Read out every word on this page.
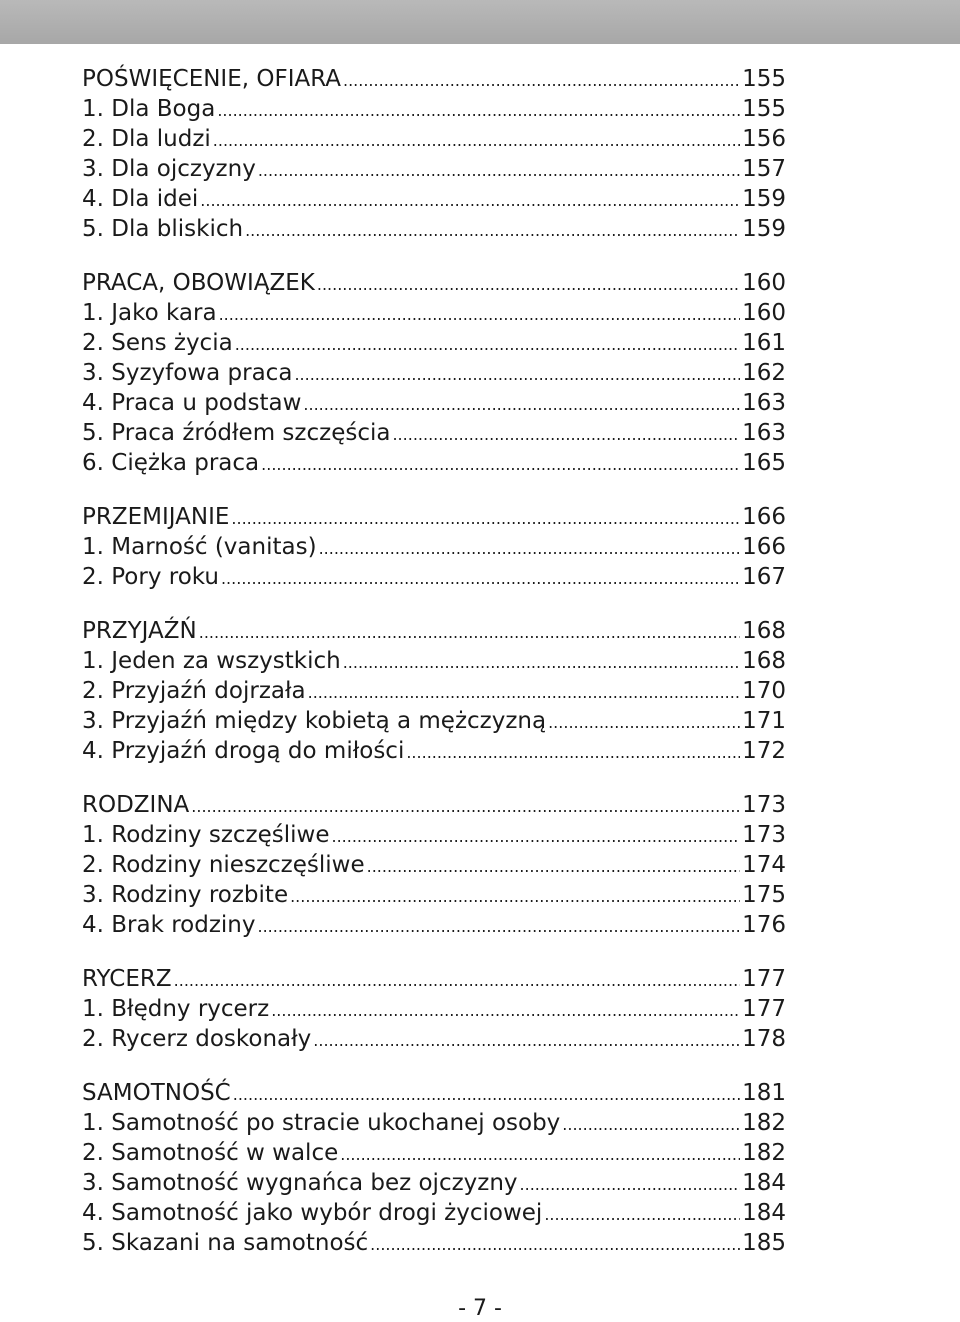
POŚWIĘCENIE, OFIARA .....	155
1. Dla Boga .....	155
2. Dla ludzi .....	156
3. Dla ojczyzny .....	157
4. Dla idei .....	159
5. Dla bliskich .....	159
PRACA, OBOWIĄZEK .....	160
1. Jako kara .....	160
2. Sens życia .....	161
3. Syzyfowa praca .....	162
4. Praca u podstaw .....	163
5. Praca źródłem szczęścia .....	163
6. Ciężka praca .....	165
PRZEMIJANIE .....	166
1. Marność (vanitas) .....	166
2. Pory roku .....	167
PRZYJAŹŃ .....	168
1. Jeden za wszystkich .....	168
2. Przyjaźń dojrzała .....	170
3. Przyjaźń między kobietą a mężczyzną .....	171
4. Przyjaźń drogą do miłości .....	172
RODZINA .....	173
1. Rodziny szczęśliwe .....	173
2. Rodziny nieszczęśliwe .....	174
3. Rodziny rozbite .....	175
4. Brak rodziny .....	176
RYCERZ .....	177
1. Błędny rycerz .....	177
2. Rycerz doskonały .....	178
SAMOTNOŚĆ .....	181
1. Samotność po stracie ukochanej osoby .....	182
2. Samotność w walce .....	182
3. Samotność wygnańca bez ojczyzny .....	184
4. Samotność jako wybór drogi życiowej .....	184
5. Skazani na samotność .....	185
- 7 -
